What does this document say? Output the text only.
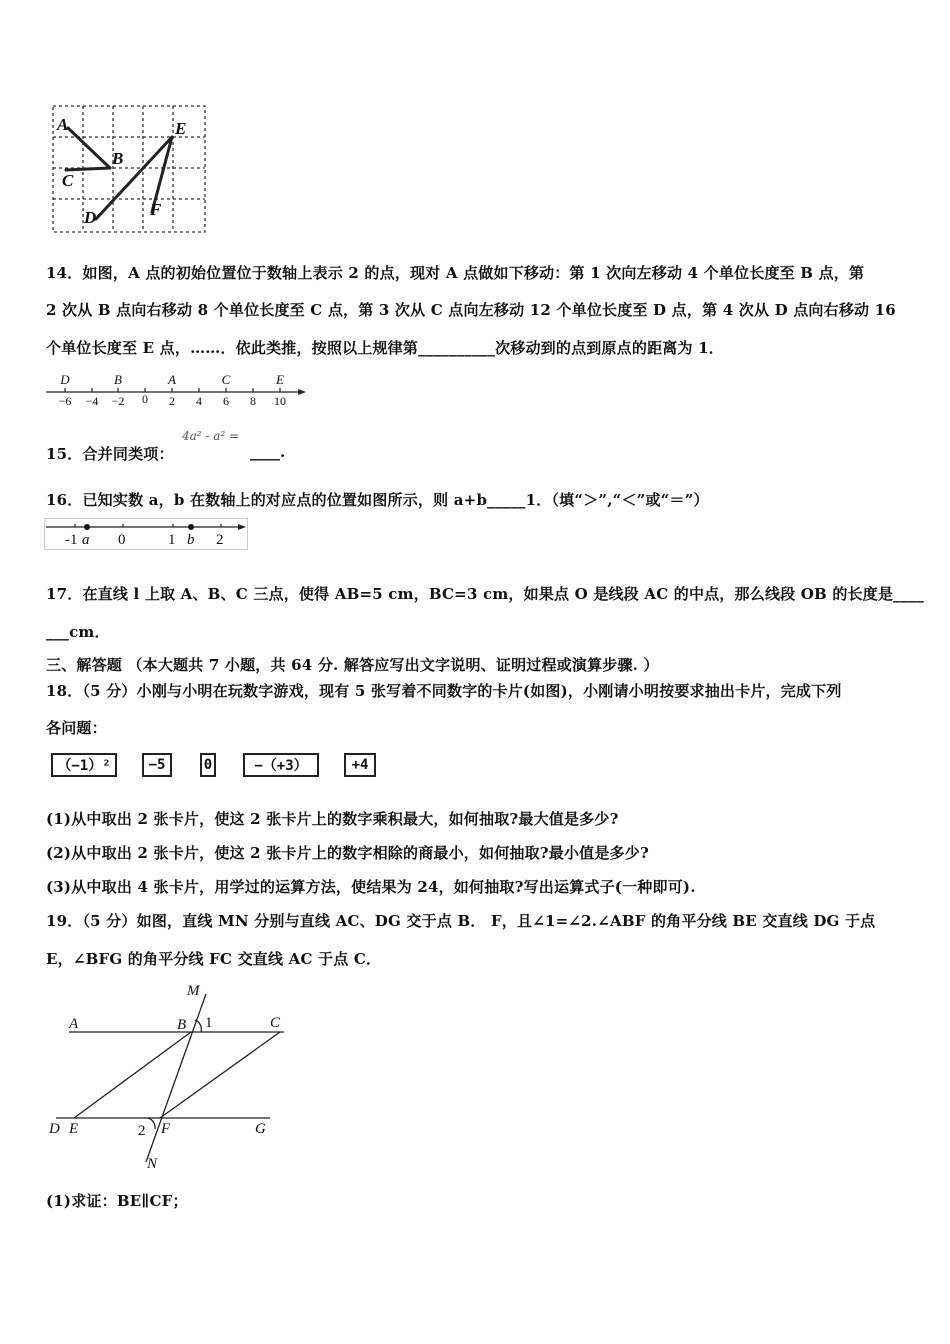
A
B
C
D
E
F
14．如图，A 点的初始位置位于数轴上表示 2 的点，现对 A 点做如下移动：第 1 次向左移动 4 个单位长度至 B 点，第
2 次从 B 点向右移动 8 个单位长度至 C 点，第 3 次从 C 点向左移动 12 个单位长度至 D 点，第 4 次从 D 点向右移动 16
个单位长度至 E 点，……．依此类推，按照以上规律第__________次移动到的点到原点的距离为 1．
D	B	A	C	E
−6 −4 −2 0 2 4 6 8 10
15．合并同类项：
4a² - a² =
____.
16．已知实数 a，b 在数轴上的对应点的位置如图所示，则 a+b_____1．（填“＞”,“＜”或“＝”）
-1 a 0	1 b 2
17．在直线 l 上取 A、B、C 三点，使得 AB=5 cm，BC=3 cm，如果点 O 是线段 AC 的中点，那么线段 OB 的长度是____
___cm．
三、解答题 （本大题共 7 小题，共 64 分. 解答应写出文字说明、证明过程或演算步骤. ）
18．（5 分）小刚与小明在玩数字游戏，现有 5 张写着不同数字的卡片(如图)，小刚请小明按要求抽出卡片，完成下列
各问题：
（−1）²	−5	0	−（+3）	+4
(1)从中取出 2 张卡片，使这 2 张卡片上的数字乘积最大，如何抽取?最大值是多少?
(2)从中取出 2 张卡片，使这 2 张卡片上的数字相除的商最小，如何抽取?最小值是多少?
(3)从中取出 4 张卡片，用学过的运算方法，使结果为 24，如何抽取?写出运算式子(一种即可).
19．（5 分）如图，直线 MN 分别与直线 AC、DG 交于点 B． F，且∠1=∠2.∠ABF 的角平分线 BE 交直线 DG 于点
E，∠BFG 的角平分线 FC 交直线 AC 于点 C．
M
A	B 1	C
D E	2 F	G
N
(1)求证：BE∥CF；
